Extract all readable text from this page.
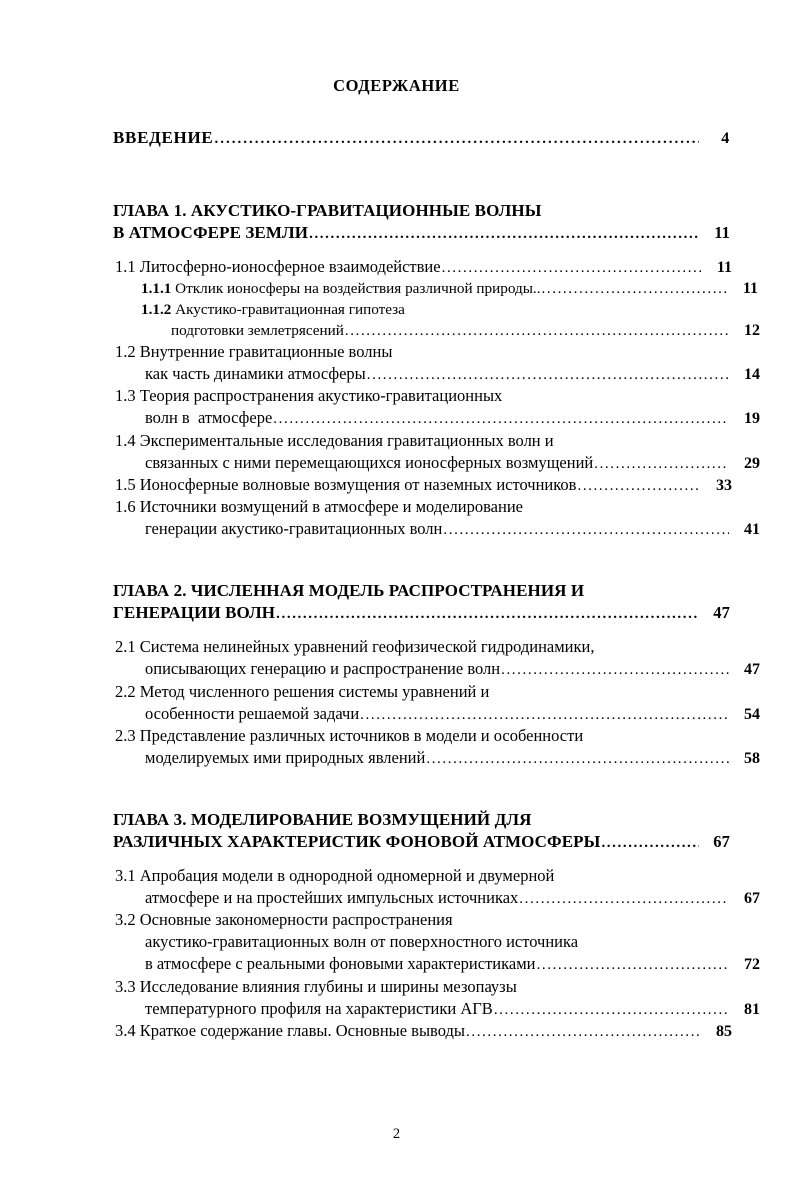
СОДЕРЖАНИЕ
ВВЕДЕНИЕ .....	4
ГЛАВА 1. АКУСТИКО-ГРАВИТАЦИОННЫЕ ВОЛНЫ
В АТМОСФЕРЕ ЗЕМЛИ .....	11
1.1 Литосферно-ионосферное взаимодействие .....	11
1.1.1 Отклик ионосферы на воздействия различной природы.. .....	11
1.1.2 Акустико-гравитационная гипотеза
подготовки землетрясений .....	12
1.2 Внутренние гравитационные волны
как часть динамики атмосферы .....	14
1.3 Теория распространения акустико-гравитационных
волн в  атмосфере .....	19
1.4 Экспериментальные исследования гравитационных волн и
связанных с ними перемещающихся ионосферных возмущений .....	29
1.5 Ионосферные волновые возмущения от наземных источников .....	33
1.6 Источники возмущений в атмосфере и моделирование
генерации акустико-гравитационных волн .....	41
ГЛАВА 2. ЧИСЛЕННАЯ МОДЕЛЬ РАСПРОСТРАНЕНИЯ И
ГЕНЕРАЦИИ ВОЛН .....	47
2.1 Система нелинейных уравнений геофизической гидродинамики,
описывающих генерацию и распространение волн .....	47
2.2 Метод численного решения системы уравнений и
особенности решаемой задачи .....	54
2.3 Представление различных источников в модели и особенности
моделируемых ими природных явлений .....	58
ГЛАВА 3. МОДЕЛИРОВАНИЕ ВОЗМУЩЕНИЙ ДЛЯ
РАЗЛИЧНЫХ ХАРАКТЕРИСТИК ФОНОВОЙ АТМОСФЕРЫ .....	67
3.1 Апробация модели в однородной одномерной и двумерной
атмосфере и на простейших импульсных источниках .....	67
3.2 Основные закономерности распространения
акустико-гравитационных волн от поверхностного источника
в атмосфере с реальными фоновыми характеристиками .....	72
3.3 Исследование влияния глубины и ширины мезопаузы
температурного профиля на характеристики АГВ .....	81
3.4 Краткое содержание главы. Основные выводы .....	85
2
